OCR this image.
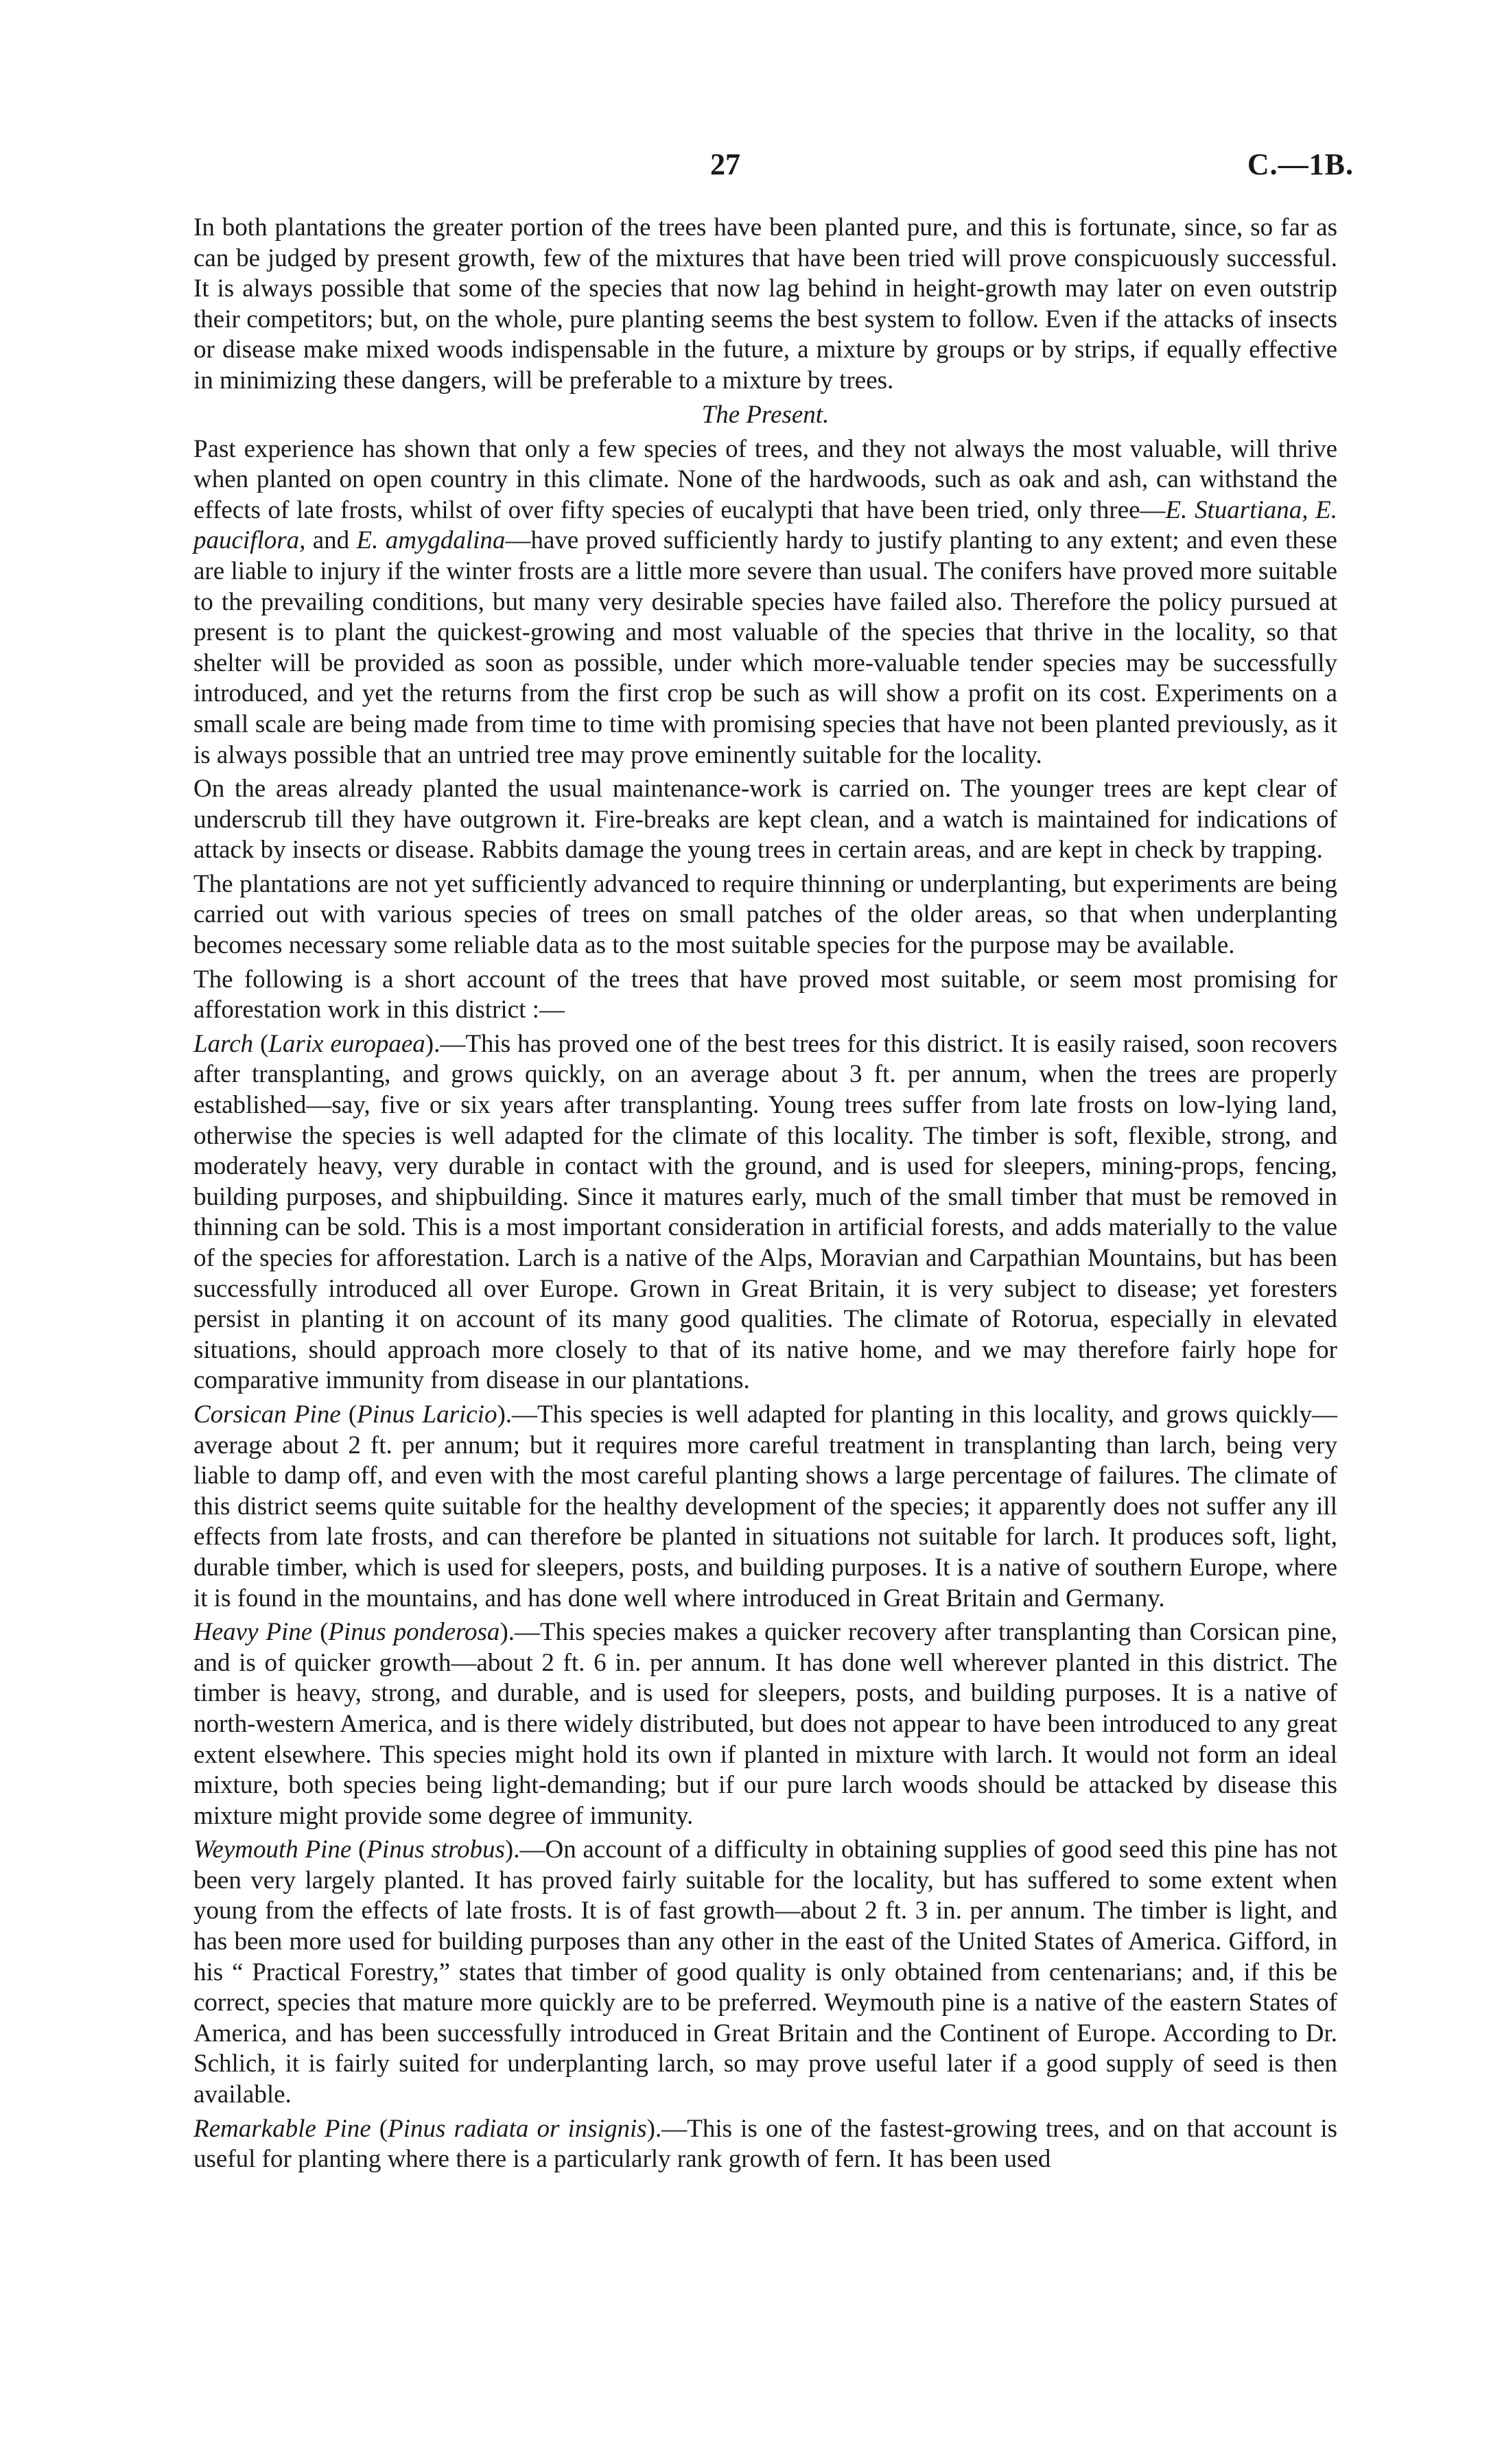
27	C.—1B.

In both plantations the greater portion of the trees have been planted pure, and this is fortunate, since, so far as can be judged by present growth, few of the mixtures that have been tried will prove conspicuously successful. It is always possible that some of the species that now lag behind in height-growth may later on even outstrip their competitors; but, on the whole, pure planting seems the best system to follow. Even if the attacks of insects or disease make mixed woods indispensable in the future, a mixture by groups or by strips, if equally effective in minimizing these dangers, will be preferable to a mixture by trees.

The Present.

Past experience has shown that only a few species of trees, and they not always the most valuable, will thrive when planted on open country in this climate. None of the hardwoods, such as oak and ash, can withstand the effects of late frosts, whilst of over fifty species of eucalypti that have been tried, only three—E. Stuartiana, E. pauciflora, and E. amygdalina—have proved sufficiently hardy to justify planting to any extent; and even these are liable to injury if the winter frosts are a little more severe than usual. The conifers have proved more suitable to the prevailing conditions, but many very desirable species have failed also. Therefore the policy pursued at present is to plant the quickest-growing and most valuable of the species that thrive in the locality, so that shelter will be provided as soon as possible, under which more-valuable tender species may be successfully introduced, and yet the returns from the first crop be such as will show a profit on its cost. Experiments on a small scale are being made from time to time with promising species that have not been planted previously, as it is always possible that an untried tree may prove eminently suitable for the locality.

On the areas already planted the usual maintenance-work is carried on. The younger trees are kept clear of underscrub till they have outgrown it. Fire-breaks are kept clean, and a watch is maintained for indications of attack by insects or disease. Rabbits damage the young trees in certain areas, and are kept in check by trapping.

The plantations are not yet sufficiently advanced to require thinning or underplanting, but experiments are being carried out with various species of trees on small patches of the older areas, so that when underplanting becomes necessary some reliable data as to the most suitable species for the purpose may be available.

The following is a short account of the trees that have proved most suitable, or seem most promising for afforestation work in this district :—

Larch (Larix europaea).—This has proved one of the best trees for this district. It is easily raised, soon recovers after transplanting, and grows quickly, on an average about 3 ft. per annum, when the trees are properly established—say, five or six years after transplanting. Young trees suffer from late frosts on low-lying land, otherwise the species is well adapted for the climate of this locality. The timber is soft, flexible, strong, and moderately heavy, very durable in contact with the ground, and is used for sleepers, mining-props, fencing, building purposes, and shipbuilding. Since it matures early, much of the small timber that must be removed in thinning can be sold. This is a most important consideration in artificial forests, and adds materially to the value of the species for afforestation. Larch is a native of the Alps, Moravian and Carpathian Mountains, but has been successfully introduced all over Europe. Grown in Great Britain, it is very subject to disease; yet foresters persist in planting it on account of its many good qualities. The climate of Rotorua, especially in elevated situations, should approach more closely to that of its native home, and we may therefore fairly hope for comparative immunity from disease in our plantations.

Corsican Pine (Pinus Laricio).—This species is well adapted for planting in this locality, and grows quickly—average about 2 ft. per annum; but it requires more careful treatment in transplanting than larch, being very liable to damp off, and even with the most careful planting shows a large percentage of failures. The climate of this district seems quite suitable for the healthy development of the species; it apparently does not suffer any ill effects from late frosts, and can therefore be planted in situations not suitable for larch. It produces soft, light, durable timber, which is used for sleepers, posts, and building purposes. It is a native of southern Europe, where it is found in the mountains, and has done well where introduced in Great Britain and Germany.

Heavy Pine (Pinus ponderosa).—This species makes a quicker recovery after transplanting than Corsican pine, and is of quicker growth—about 2 ft. 6 in. per annum. It has done well wherever planted in this district. The timber is heavy, strong, and durable, and is used for sleepers, posts, and building purposes. It is a native of north-western America, and is there widely distributed, but does not appear to have been introduced to any great extent elsewhere. This species might hold its own if planted in mixture with larch. It would not form an ideal mixture, both species being light-demanding; but if our pure larch woods should be attacked by disease this mixture might provide some degree of immunity.

Weymouth Pine (Pinus strobus).—On account of a difficulty in obtaining supplies of good seed this pine has not been very largely planted. It has proved fairly suitable for the locality, but has suffered to some extent when young from the effects of late frosts. It is of fast growth—about 2 ft. 3 in. per annum. The timber is light, and has been more used for building purposes than any other in the east of the United States of America. Gifford, in his “ Practical Forestry,” states that timber of good quality is only obtained from centenarians; and, if this be correct, species that mature more quickly are to be preferred. Weymouth pine is a native of the eastern States of America, and has been successfully introduced in Great Britain and the Continent of Europe. According to Dr. Schlich, it is fairly suited for underplanting larch, so may prove useful later if a good supply of seed is then available.

Remarkable Pine (Pinus radiata or insignis).—This is one of the fastest-growing trees, and on that account is useful for planting where there is a particularly rank growth of fern. It has been used
